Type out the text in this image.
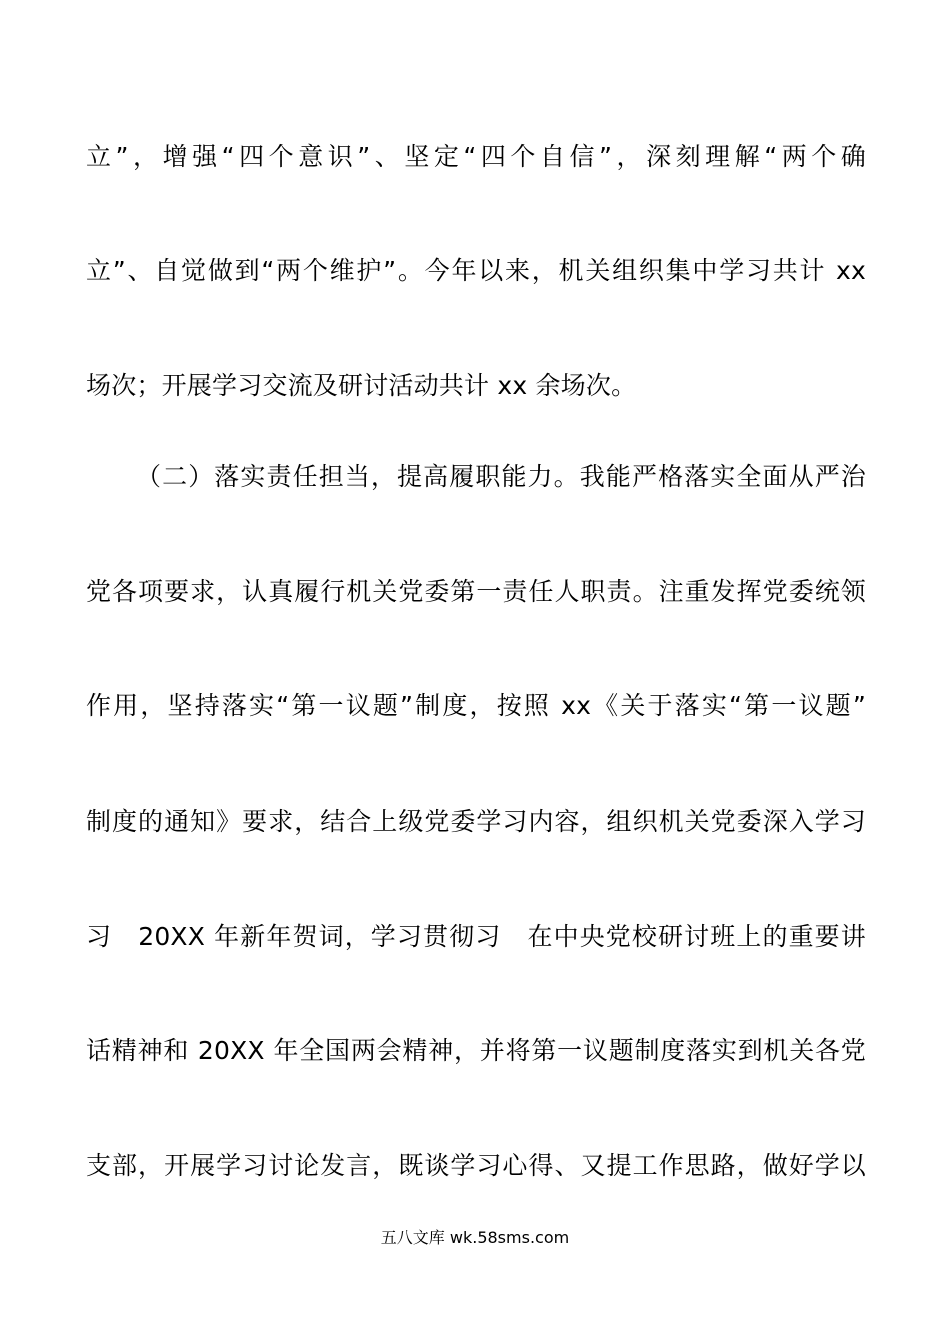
立”，增强“四个意识”、坚定“四个自信”，深刻理解“两个确
立”、自觉做到“两个维护”。今年以来，机关组织集中学习共计 xx
场次；开展学习交流及研讨活动共计 xx 余场次。
（二）落实责任担当，提高履职能力。我能严格落实全面从严治
党各项要求，认真履行机关党委第一责任人职责。注重发挥党委统领
作用，坚持落实“第一议题”制度，按照 xx《关于落实“第一议题”
制度的通知》要求，结合上级党委学习内容，组织机关党委深入学习
习　20XX 年新年贺词，学习贯彻习　在中央党校研讨班上的重要讲
话精神和 20XX 年全国两会精神，并将第一议题制度落实到机关各党
支部，开展学习讨论发言，既谈学习心得、又提工作思路，做好学以
五八文库 wk.58sms.com
